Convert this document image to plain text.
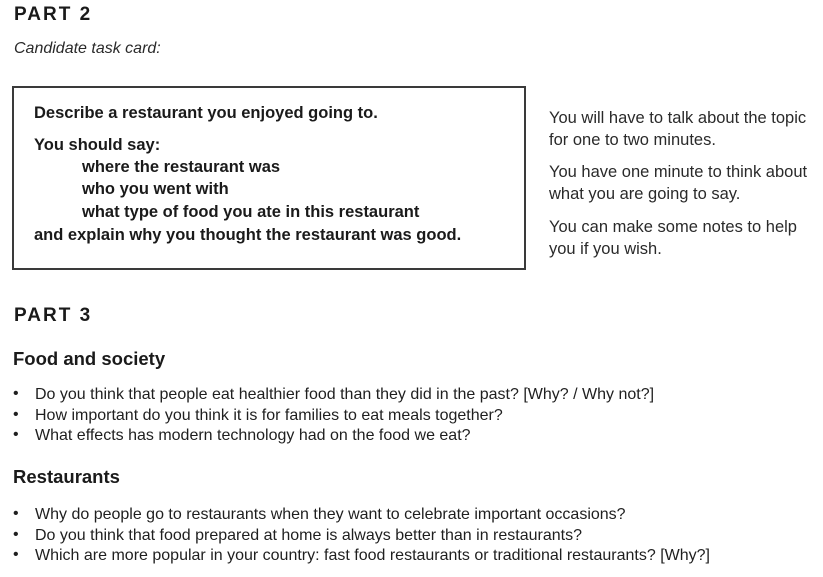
PART 2
Candidate task card:
Describe a restaurant you enjoyed going to.
You should say:
where the restaurant was
who you went with
what type of food you ate in this restaurant
and explain why you thought the restaurant was good.
You will have to talk about the topic for one to two minutes.
You have one minute to think about what you are going to say.
You can make some notes to help you if you wish.
PART 3
Food and society
• Do you think that people eat healthier food than they did in the past? [Why? / Why not?]
• How important do you think it is for families to eat meals together?
• What effects has modern technology had on the food we eat?
Restaurants
• Why do people go to restaurants when they want to celebrate important occasions?
• Do you think that food prepared at home is always better than in restaurants?
• Which are more popular in your country: fast food restaurants or traditional restaurants? [Why?]
